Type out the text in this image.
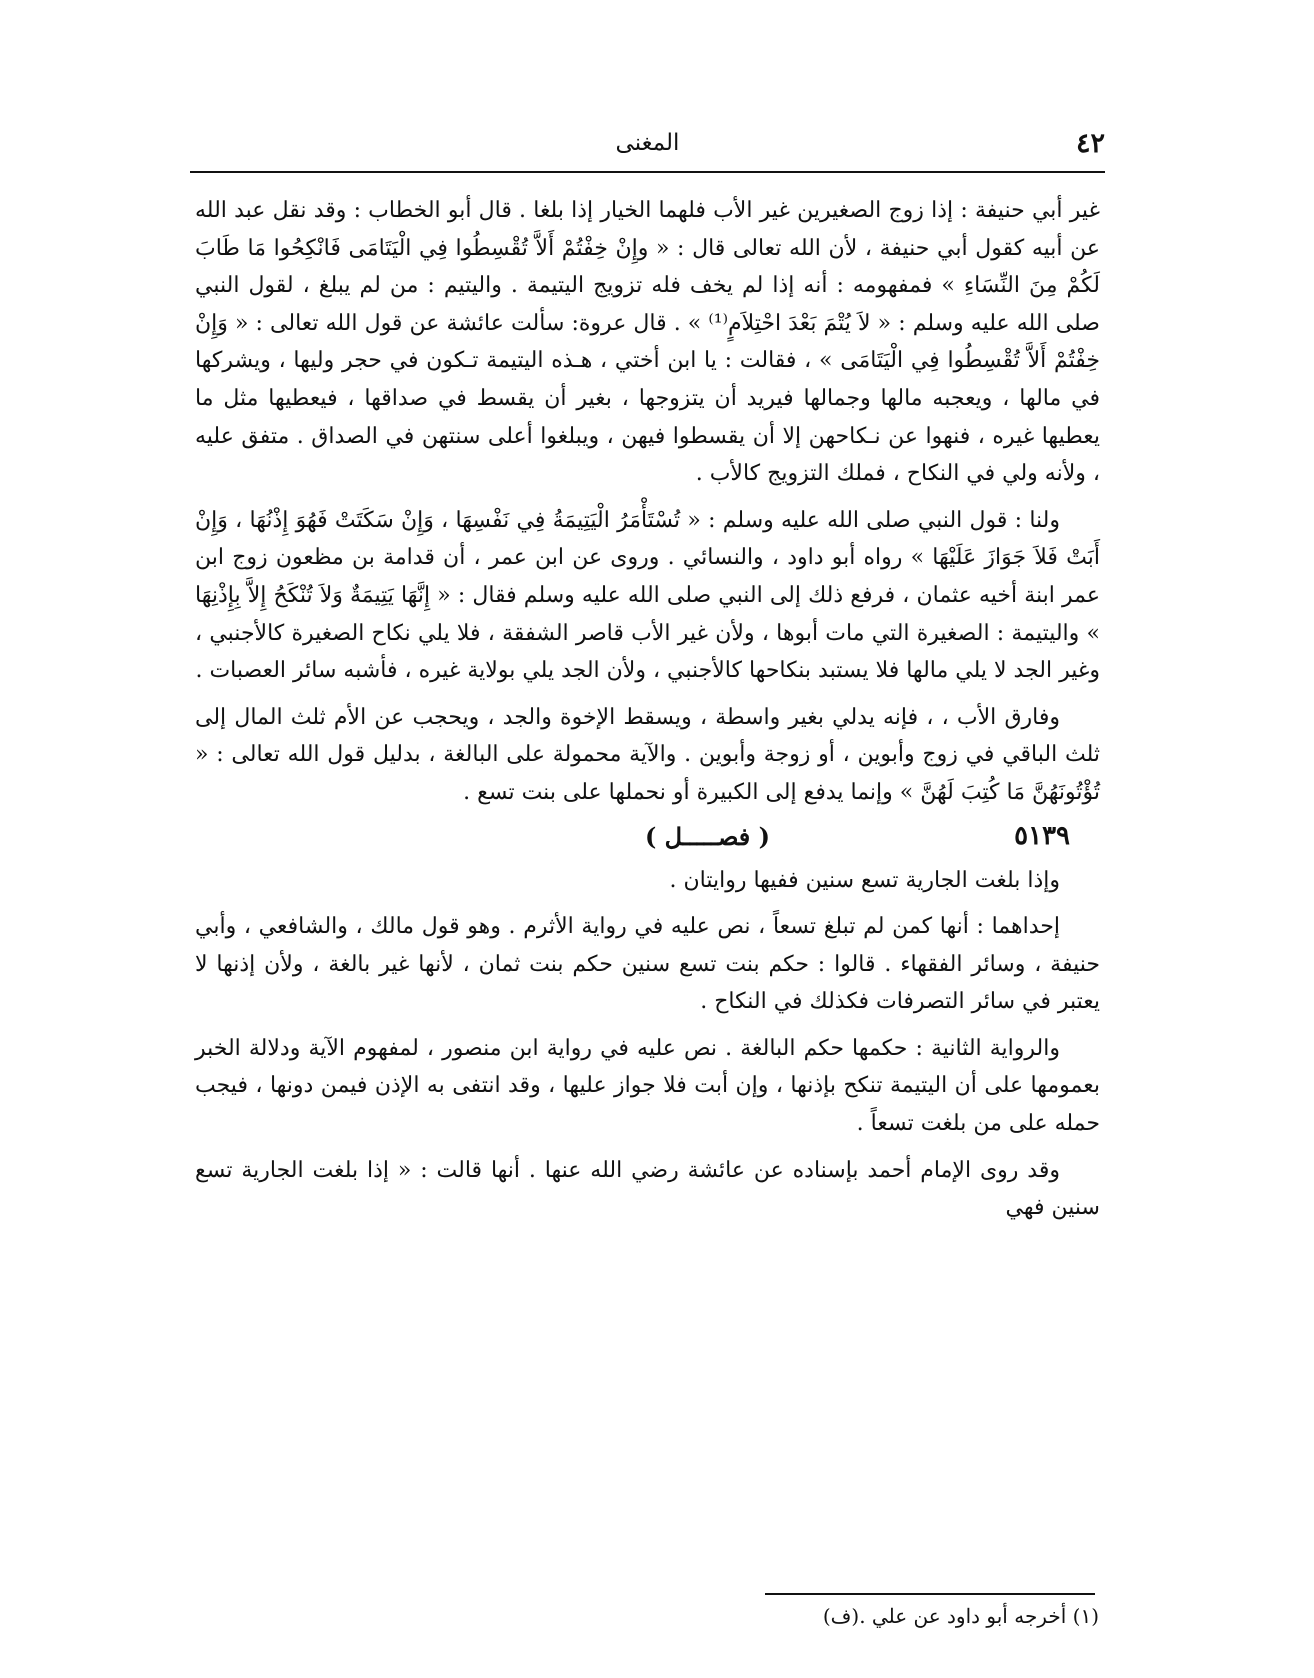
٤٢
المغنى

غير أبي حنيفة : إذا زوج الصغيرين غير الأب فلهما الخيار إذا بلغا . قال أبو الخطاب : وقد نقل عبد الله عن أبيه كقول أبي حنيفة ، لأن الله تعالى قال : « وإِنْ خِفْتُمْ أَلاَّ تُقْسِطُوا فِي الْيَتَامَى فَانْكِحُوا مَا طَابَ لَكُمْ مِنَ النِّسَاءِ » فمفهومه : أنه إذا لم يخف فله تزويج اليتيمة . واليتيم : من لم يبلغ ، لقول النبي صلى الله عليه وسلم : « لاَ يُتْمَ بَعْدَ احْتِلاَمٍ⁽¹⁾ » . قال عروة: سألت عائشة عن قول الله تعالى : « وَإِنْ خِفْتُمْ أَلاَّ تُقْسِطُوا فِي الْيَتَامَى » ، فقالت : يا ابن أختي ، هـذه اليتيمة تـكون في حجر وليها ، ويشركها في مالها ، ويعجبه مالها وجمالها فيريد أن يتزوجها ، بغير أن يقسط في صداقها ، فيعطيها مثل ما يعطيها غيره ، فنهوا عن نـكاحهن إلا أن يقسطوا فيهن ، ويبلغوا أعلى سنتهن في الصداق . متفق عليه ، ولأنه ولي في النكاح ، فملك التزويج كالأب .

ولنا : قول النبي صلى الله عليه وسلم : « تُسْتَأْمَرُ الْيَتِيمَةُ فِي نَفْسِهَا ، وَإِنْ سَكَتَتْ فَهُوَ إِذْنُهَا ، وَإِنْ أَبَتْ فَلاَ جَوَازَ عَلَيْهَا » رواه أبو داود ، والنسائي . وروى عن ابن عمر ، أن قدامة بن مظعون زوج ابن عمر ابنة أخيه عثمان ، فرفع ذلك إلى النبي صلى الله عليه وسلم فقال : « إِنَّهَا يَتِيمَةٌ وَلاَ تُنْكَحُ إِلاَّ بِإِذْنِهَا » واليتيمة : الصغيرة التي مات أبوها ، ولأن غير الأب قاصر الشفقة ، فلا يلي نكاح الصغيرة كالأجنبي ، وغير الجد لا يلي مالها فلا يستبد بنكاحها كالأجنبي ، ولأن الجد يلي بولاية غيره ، فأشبه سائر العصبات .

وفارق الأب ، ، فإنه يدلي بغير واسطة ، ويسقط الإخوة والجد ، ويحجب عن الأم ثلث المال إلى ثلث الباقي في زوج وأبوين ، أو زوجة وأبوين . والآية محمولة على البالغة ، بدليل قول الله تعالى : « تُؤْتُونَهُنَّ مَا كُتِبَ لَهُنَّ » وإنما يدفع إلى الكبيرة أو نحملها على بنت تسع .

٥١٣٩
( فصـــــل )

وإذا بلغت الجارية تسع سنين ففيها روايتان .

إحداهما : أنها كمن لم تبلغ تسعاً ، نص عليه في رواية الأثرم . وهو قول مالك ، والشافعي ، وأبي حنيفة ، وسائر الفقهاء . قالوا : حكم بنت تسع سنين حكم بنت ثمان ، لأنها غير بالغة ، ولأن إذنها لا يعتبر في سائر التصرفات فكذلك في النكاح .

والرواية الثانية : حكمها حكم البالغة . نص عليه في رواية ابن منصور ، لمفهوم الآية ودلالة الخبر بعمومها على أن اليتيمة تنكح بإذنها ، وإن أبت فلا جواز عليها ، وقد انتفى به الإذن فيمن دونها ، فيجب حمله على من بلغت تسعاً .

وقد روى الإمام أحمد بإسناده عن عائشة رضي الله عنها . أنها قالت : « إذا بلغت الجارية تسع سنين فهي

(١) أخرجه أبو داود عن علي .(ف)
